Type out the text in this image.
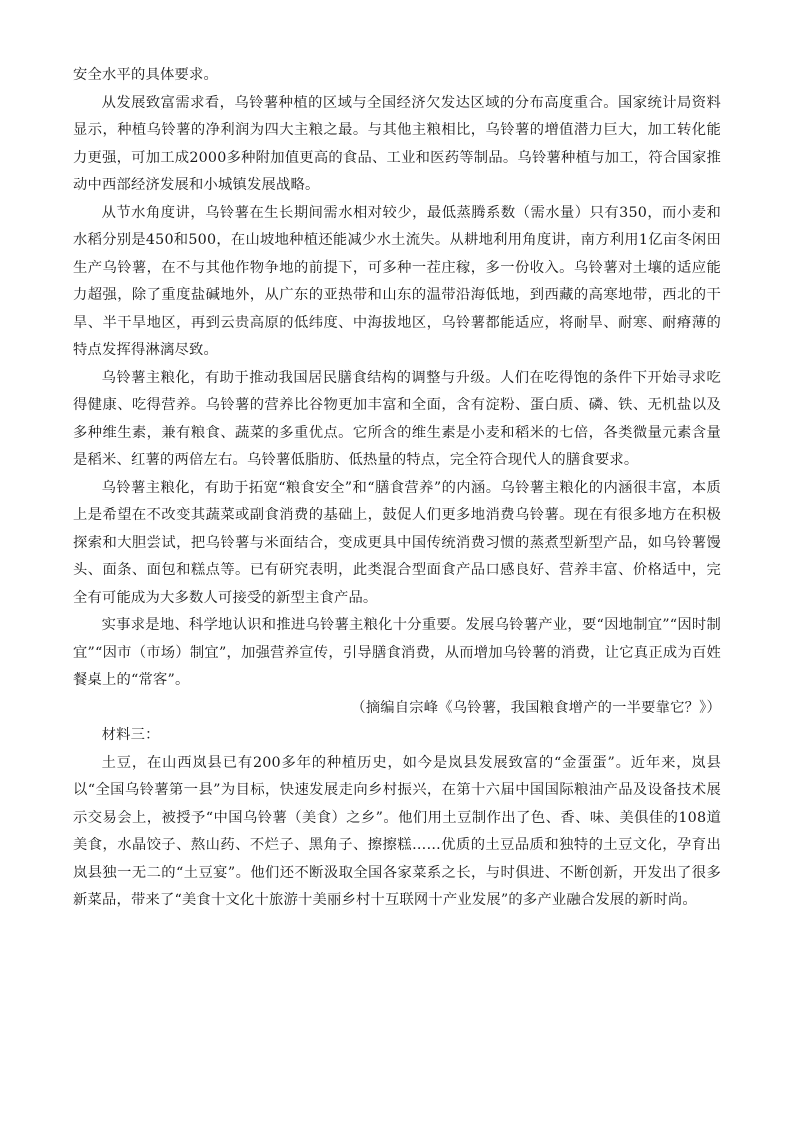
安全水平的具体要求。

从发展致富需求看，乌铃薯种植的区域与全国经济欠发达区域的分布高度重合。国家统计局资料显示，种植乌铃薯的净利润为四大主粮之最。与其他主粮相比，乌铃薯的增值潜力巨大，加工转化能力更强，可加工成2000多种附加值更高的食品、工业和医药等制品。乌铃薯种植与加工，符合国家推动中西部经济发展和小城镇发展战略。

从节水角度讲，乌铃薯在生长期间需水相对较少，最低蒸腾系数（需水量）只有350，而小麦和水稻分别是450和500，在山坡地种植还能减少水土流失。从耕地利用角度讲，南方利用1亿亩冬闲田生产乌铃薯，在不与其他作物争地的前提下，可多种一茬庄稼，多一份收入。乌铃薯对土壤的适应能力超强，除了重度盐碱地外，从广东的亚热带和山东的温带沿海低地，到西藏的高寒地带，西北的干旱、半干旱地区，再到云贵高原的低纬度、中海拔地区，乌铃薯都能适应，将耐旱、耐寒、耐瘠薄的特点发挥得淋漓尽致。

乌铃薯主粮化，有助于推动我国居民膳食结构的调整与升级。人们在吃得饱的条件下开始寻求吃得健康、吃得营养。乌铃薯的营养比谷物更加丰富和全面，含有淀粉、蛋白质、磷、铁、无机盐以及多种维生素，兼有粮食、蔬菜的多重优点。它所含的维生素是小麦和稻米的七倍，各类微量元素含量是稻米、红薯的两倍左右。乌铃薯低脂肪、低热量的特点，完全符合现代人的膳食要求。

乌铃薯主粮化，有助于拓宽“粮食安全”和“膳食营养”的内涵。乌铃薯主粮化的内涵很丰富，本质上是希望在不改变其蔬菜或副食消费的基础上，鼓促人们更多地消费乌铃薯。现在有很多地方在积极探索和大胆尝试，把乌铃薯与米面结合，变成更具中国传统消费习惯的蒸煮型新型产品，如乌铃薯馒头、面条、面包和糕点等。已有研究表明，此类混合型面食产品口感良好、营养丰富、价格适中，完全有可能成为大多数人可接受的新型主食产品。

实事求是地、科学地认识和推进乌铃薯主粮化十分重要。发展乌铃薯产业，要“因地制宜”“因时制宜”“因市（市场）制宜”，加强营养宣传，引导膳食消费，从而增加乌铃薯的消费，让它真正成为百姓餐桌上的“常客”。

（摘编自宗峰《乌铃薯，我国粮食增产的一半要靠它？》）

材料三：

土豆，在山西岚县已有200多年的种植历史，如今是岚县发展致富的“金蛋蛋”。近年来，岚县以“全国乌铃薯第一县”为目标，快速发展走向乡村振兴，在第十六届中国国际粮油产品及设备技术展示交易会上，被授予“中国乌铃薯（美食）之乡”。他们用土豆制作出了色、香、味、美俱佳的108道美食，水晶饺子、熬山药、不烂子、黑角子、擦擦糕……优质的土豆品质和独特的土豆文化，孕育出岚县独一无二的“土豆宴”。他们还不断汲取全国各家菜系之长，与时俱进、不断创新，开发出了很多新菜品，带来了“美食十文化十旅游十美丽乡村十互联网十产业发展”的多产业融合发展的新时尚。
